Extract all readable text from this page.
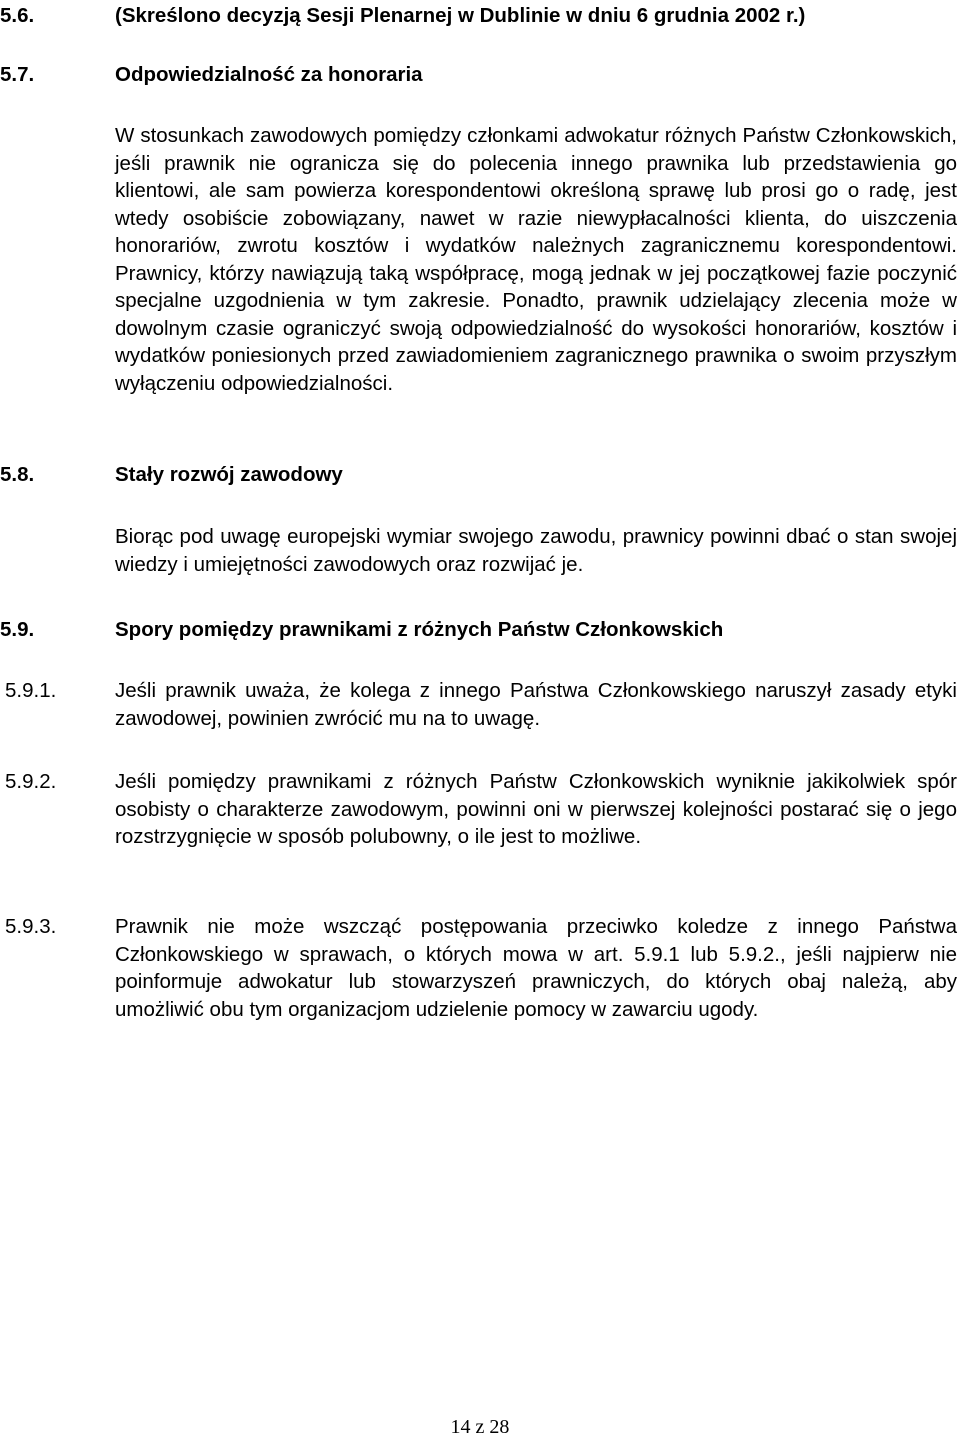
5.6.	(Skreślono decyzją Sesji Plenarnej w Dublinie w dniu 6 grudnia 2002 r.)
5.7.	Odpowiedzialność za honoraria

W stosunkach zawodowych pomiędzy członkami adwokatur różnych Państw Członkowskich, jeśli prawnik nie ogranicza się do polecenia innego prawnika lub przedstawienia go klientowi, ale sam powierza korespondentowi określoną sprawę lub prosi go o radę, jest wtedy osobiście zobowiązany, nawet w razie niewypłacalności klienta, do uiszczenia honorariów, zwrotu kosztów i wydatków należnych zagranicznemu korespondentowi. Prawnicy, którzy nawiązują taką współpracę, mogą jednak w jej początkowej fazie poczynić specjalne uzgodnienia w tym zakresie. Ponadto, prawnik udzielający zlecenia może w dowolnym czasie ograniczyć swoją odpowiedzialność do wysokości honorariów, kosztów i wydatków poniesionych przed zawiadomieniem zagranicznego prawnika o swoim przyszłym wyłączeniu odpowiedzialności.

5.8.	Stały rozwój zawodowy

Biorąc pod uwagę europejski wymiar swojego zawodu, prawnicy powinni dbać o stan swojej wiedzy i umiejętności zawodowych oraz rozwijać je.

5.9.	Spory pomiędzy prawnikami z różnych Państw Członkowskich
5.9.1.	Jeśli prawnik uważa, że kolega z innego Państwa Członkowskiego naruszył zasady etyki zawodowej, powinien zwrócić mu na to uwagę.

5.9.2.	Jeśli pomiędzy prawnikami z różnych Państw Członkowskich wyniknie jakikolwiek spór osobisty o charakterze zawodowym, powinni oni w pierwszej kolejności postarać się o jego rozstrzygnięcie w sposób polubowny, o ile jest to możliwe.

5.9.3.	Prawnik nie może wszcząć postępowania przeciwko koledze z innego Państwa Członkowskiego w sprawach, o których mowa w art. 5.9.1 lub 5.9.2., jeśli najpierw nie poinformuje adwokatur lub stowarzyszeń prawniczych, do których obaj należą, aby umożliwić obu tym organizacjom udzielenie pomocy w zawarciu ugody.

14 z 28
